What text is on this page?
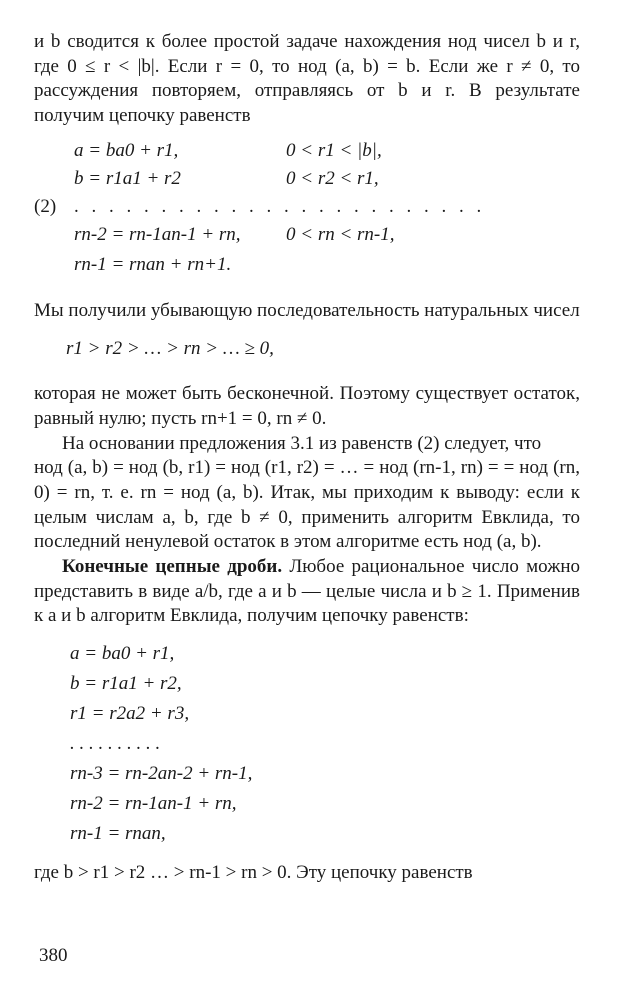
и b сводится к более простой задаче нахождения нод чисел b и r, где 0 ≤ r < |b|. Если r = 0, то нод (a, b) = b. Если же r ≠ 0, то рассуждения повторяем, отправляясь от b и r. В результате получим цепочку равенств

a = ba0 + r1,	0 < r1 < |b|,
b = r1a1 + r2	0 < r2 < r1,
(2) . . . . . . . . . . . . . . . . . . . . . . . .
rn-2 = rn-1an-1 + rn, 0 < rn < rn-1,
rn-1 = rnan + rn+1.

Мы получили убывающую последовательность натуральных чисел

r1 > r2 > … > rn > … ≥ 0,

которая не может быть бесконечной. Поэтому существует остаток, равный нулю; пусть rn+1 = 0, rn ≠ 0.

На основании предложения 3.1 из равенств (2) следует, что

нод (a, b) = нод (b, r1) = нод (r1, r2) = … = нод (rn-1, rn) = = нод (rn, 0) = rn, т. е. rn = нод (a, b). Итак, мы приходим к выводу: если к целым числам a, b, где b ≠ 0, применить алгоритм Евклида, то последний ненулевой остаток в этом алгоритме есть нод (a, b).

Конечные цепные дроби. Любое рациональное число можно представить в виде a/b, где a и b — целые числа и b ≥ 1. Применив к a и b алгоритм Евклида, получим цепочку равенств:

a = ba0 + r1,
b = r1a1 + r2,
r1 = r2a2 + r3,
. . . . . . . . . .
rn-3 = rn-2an-2 + rn-1,
rn-2 = rn-1an-1 + rn,
rn-1 = rnan,

где b > r1 > r2 … > rn-1 > rn > 0. Эту цепочку равенств

380
